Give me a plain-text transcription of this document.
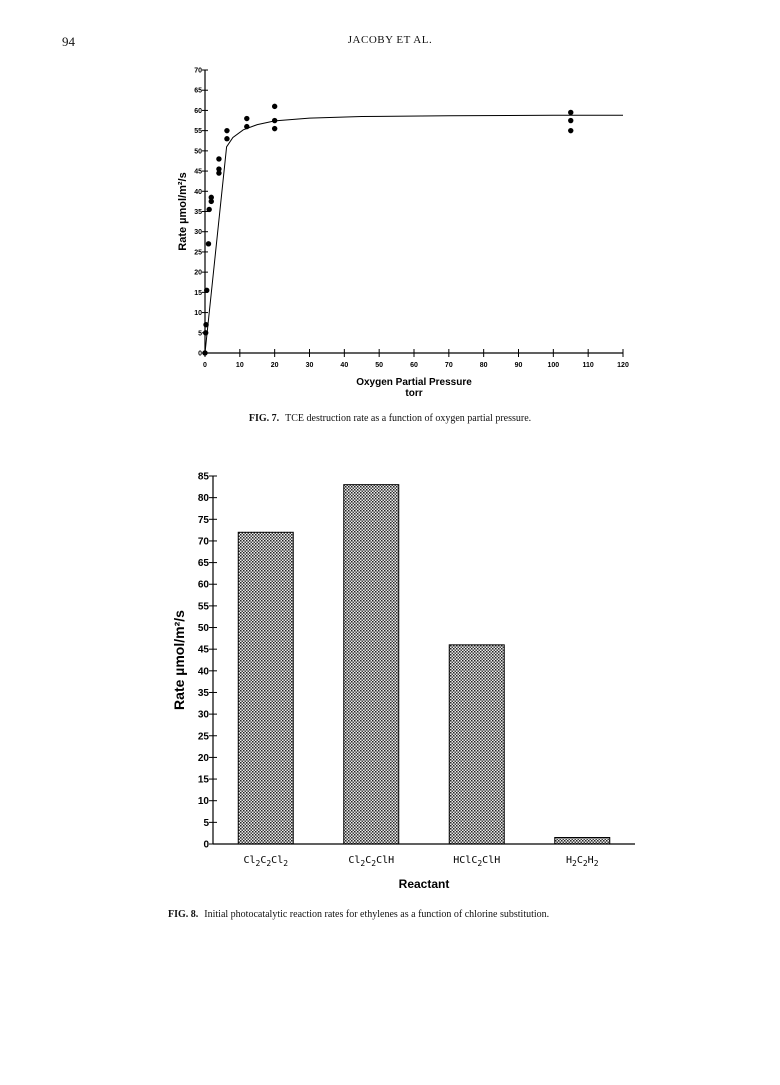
94	JACOBY ET AL.
0
5
10
15
20
25
30
35
40
45
50
55
60
65
70
0	10	20	30	40	50	60	70	80	90	100	110	120
Oxygen Partial Pressure
torr
Rate µmol/m²/s
FIG. 7. TCE destruction rate as a function of oxygen partial pressure.
0
5
10
15
20
25
30
35
40
45
50
55
60
65
70
75
80
85
$Cl_2C_2Cl_2$	$Cl_2C_2ClH$	HClC$_2$ClH	$H_2C_2H_2$
Reactant
Rate µmol/m²/s
FIG. 8. Initial photocatalytic reaction rates for ethylenes as a function of chlorine substitution.
